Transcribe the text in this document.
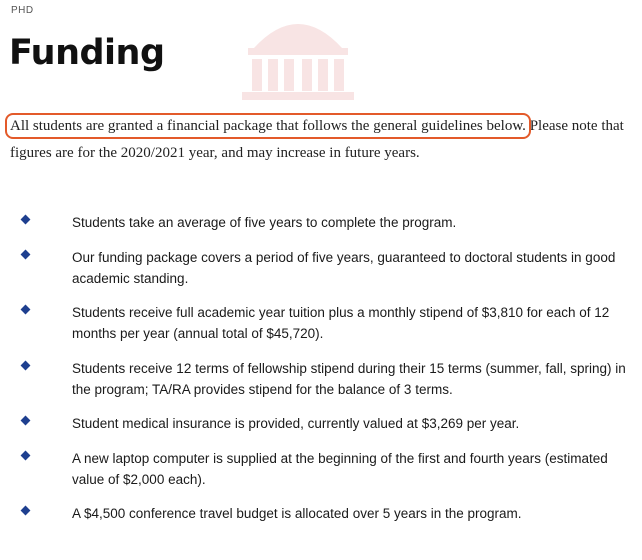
PHD
Funding

All students are granted a financial package that follows the general guidelines below. Please note that figures are for the 2020/2021 year, and may increase in future years.

Students take an average of five years to complete the program.
Our funding package covers a period of five years, guaranteed to doctoral students in good academic standing.
Students receive full academic year tuition plus a monthly stipend of $3,810 for each of 12 months per year (annual total of $45,720).
Students receive 12 terms of fellowship stipend during their 15 terms (summer, fall, spring) in the program; TA/RA provides stipend for the balance of 3 terms.
Student medical insurance is provided, currently valued at $3,269 per year.
A new laptop computer is supplied at the beginning of the first and fourth years (estimated value of $2,000 each).
A $4,500 conference travel budget is allocated over 5 years in the program.
